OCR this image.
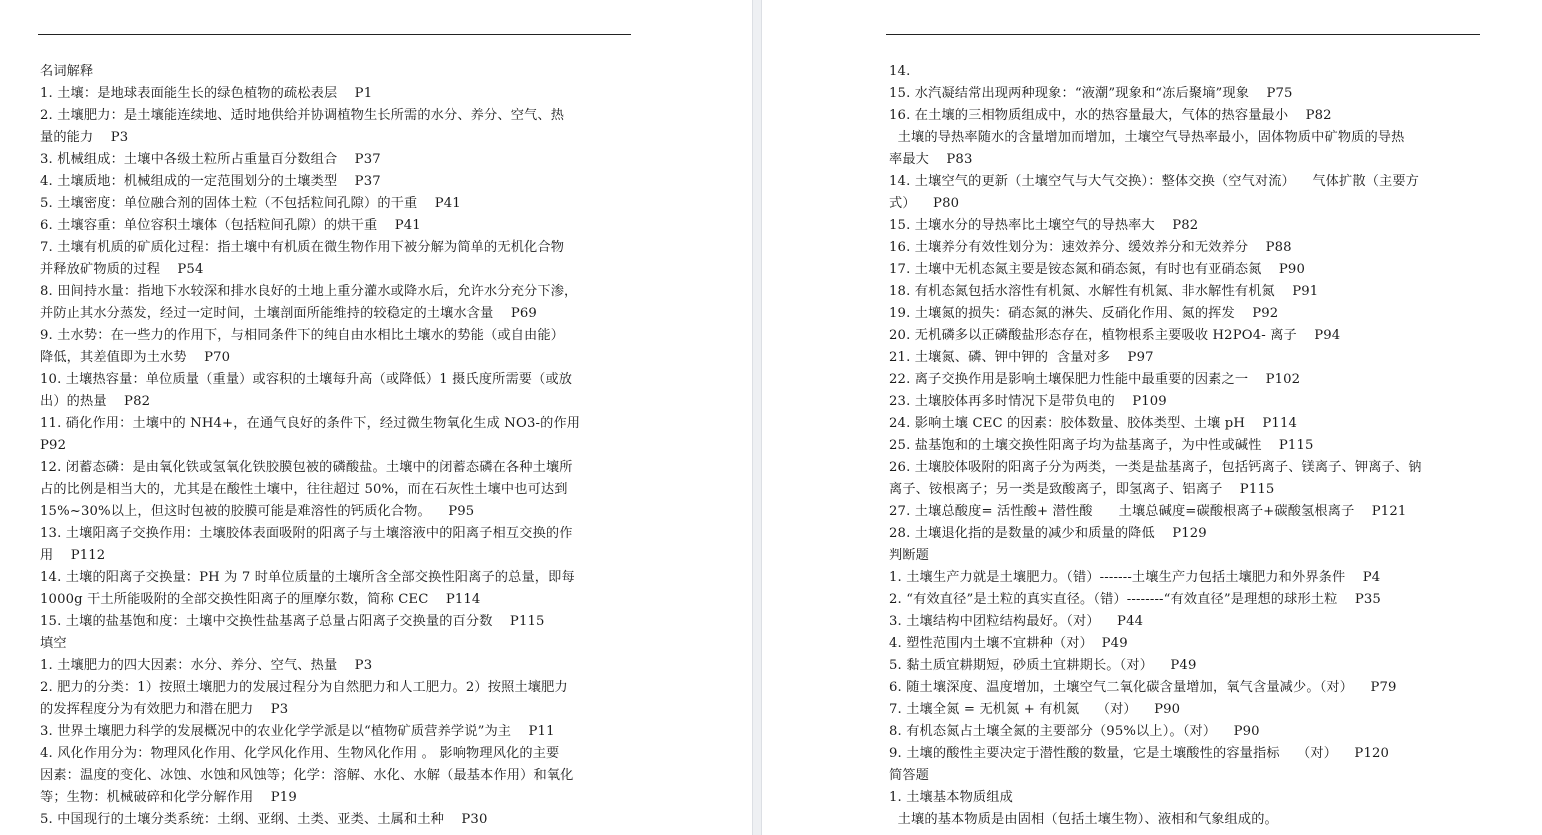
名词解释
1. 土壤：是地球表面能生长的绿色植物的疏松表层    P1
2. 土壤肥力：是土壤能连续地、适时地供给并协调植物生长所需的水分、养分、空气、热
量的能力    P3
3. 机械组成：土壤中各级土粒所占重量百分数组合    P37
4. 土壤质地：机械组成的一定范围划分的土壤类型    P37
5. 土壤密度：单位融合剂的固体土粒（不包括粒间孔隙）的干重    P41
6. 土壤容重：单位容积土壤体（包括粒间孔隙）的烘干重    P41
7. 土壤有机质的矿质化过程：指土壤中有机质在微生物作用下被分解为简单的无机化合物
并释放矿物质的过程    P54
8. 田间持水量：指地下水较深和排水良好的土地上重分灌水或降水后，允许水分充分下渗，
并防止其水分蒸发，经过一定时间，土壤剖面所能维持的较稳定的土壤水含量    P69
9. 土水势：在一些力的作用下，与相同条件下的纯自由水相比土壤水的势能（或自由能）
降低，其差值即为土水势    P70
10. 土壤热容量：单位质量（重量）或容积的土壤每升高（或降低）1 摄氏度所需要（或放
出）的热量    P82
11. 硝化作用：土壤中的 NH4+，在通气良好的条件下，经过微生物氧化生成 NO3-的作用
P92
12. 闭蓄态磷：是由氧化铁或氢氧化铁胶膜包被的磷酸盐。土壤中的闭蓄态磷在各种土壤所
占的比例是相当大的，尤其是在酸性土壤中，往往超过 50%，而在石灰性土壤中也可达到
15%~30%以上，但这时包被的胶膜可能是难溶性的钙质化合物。    P95
13. 土壤阳离子交换作用：土壤胶体表面吸附的阳离子与土壤溶液中的阳离子相互交换的作
用    P112
14. 土壤的阳离子交换量：PH 为 7 时单位质量的土壤所含全部交换性阳离子的总量，即每
1000g 干土所能吸附的全部交换性阳离子的厘摩尔数，简称 CEC    P114
15. 土壤的盐基饱和度：土壤中交换性盐基离子总量占阳离子交换量的百分数    P115
填空
1. 土壤肥力的四大因素：水分、养分、空气、热量    P3
2. 肥力的分类：1）按照土壤肥力的发展过程分为自然肥力和人工肥力。2）按照土壤肥力
的发挥程度分为有效肥力和潜在肥力    P3
3. 世界土壤肥力科学的发展概况中的农业化学学派是以“植物矿质营养学说”为主    P11
4. 风化作用分为：物理风化作用、化学风化作用、生物风化作用 。 影响物理风化的主要
因素：温度的变化、冰蚀、水蚀和风蚀等；化学：溶解、水化、水解（最基本作用）和氧化
等；生物：机械破碎和化学分解作用    P19
5. 中国现行的土壤分类系统：土纲、亚纲、土类、亚类、土属和土种    P30
14.
15. 水汽凝结常出现两种现象：“液潮”现象和“冻后聚墒”现象    P75
16. 在土壤的三相物质组成中，水的热容量最大，气体的热容量最小    P82
土壤的导热率随水的含量增加而增加，土壤空气导热率最小，固体物质中矿物质的导热
率最大    P83
14. 土壤空气的更新（土壤空气与大气交换）：整体交换（空气对流）    气体扩散（主要方
式）    P80
15. 土壤水分的导热率比土壤空气的导热率大    P82
16. 土壤养分有效性划分为：速效养分、缓效养分和无效养分    P88
17. 土壤中无机态氮主要是铵态氮和硝态氮，有时也有亚硝态氮    P90
18. 有机态氮包括水溶性有机氮、水解性有机氮、非水解性有机氮    P91
19. 土壤氮的损失：硝态氮的淋失、反硝化作用、氮的挥发    P92
20. 无机磷多以正磷酸盐形态存在，植物根系主要吸收 H2PO4- 离子    P94
21. 土壤氮、磷、钾中钾的  含量对多    P97
22. 离子交换作用是影响土壤保肥力性能中最重要的因素之一    P102
23. 土壤胶体再多时情况下是带负电的    P109
24. 影响土壤 CEC 的因素：胶体数量、胶体类型、土壤 pH    P114
25. 盐基饱和的土壤交换性阳离子均为盐基离子，为中性或碱性    P115
26. 土壤胶体吸附的阳离子分为两类，一类是盐基离子，包括钙离子、镁离子、钾离子、钠
离子、铵根离子；另一类是致酸离子，即氢离子、铝离子    P115
27. 土壤总酸度= 活性酸+ 潜性酸      土壤总碱度=碳酸根离子+碳酸氢根离子    P121
28. 土壤退化指的是数量的减少和质量的降低    P129
判断题
1. 土壤生产力就是土壤肥力。（错）-------土壤生产力包括土壤肥力和外界条件    P4
2. “有效直径”是土粒的真实直径。（错）--------“有效直径”是理想的球形土粒    P35
3. 土壤结构中团粒结构最好。（对）    P44
4. 塑性范围内土壤不宜耕种（对）  P49
5. 黏土质宜耕期短，砂质土宜耕期长。（对）    P49
6. 随土壤深度、温度增加，土壤空气二氧化碳含量增加，氧气含量减少。（对）    P79
7. 土壤全氮 = 无机氮 + 有机氮    （对）    P90
8. 有机态氮占土壤全氮的主要部分（95%以上）。（对）    P90
9. 土壤的酸性主要决定于潜性酸的数量，它是土壤酸性的容量指标    （对）    P120
简答题
1. 土壤基本物质组成
土壤的基本物质是由固相（包括土壤生物）、液相和气象组成的。
